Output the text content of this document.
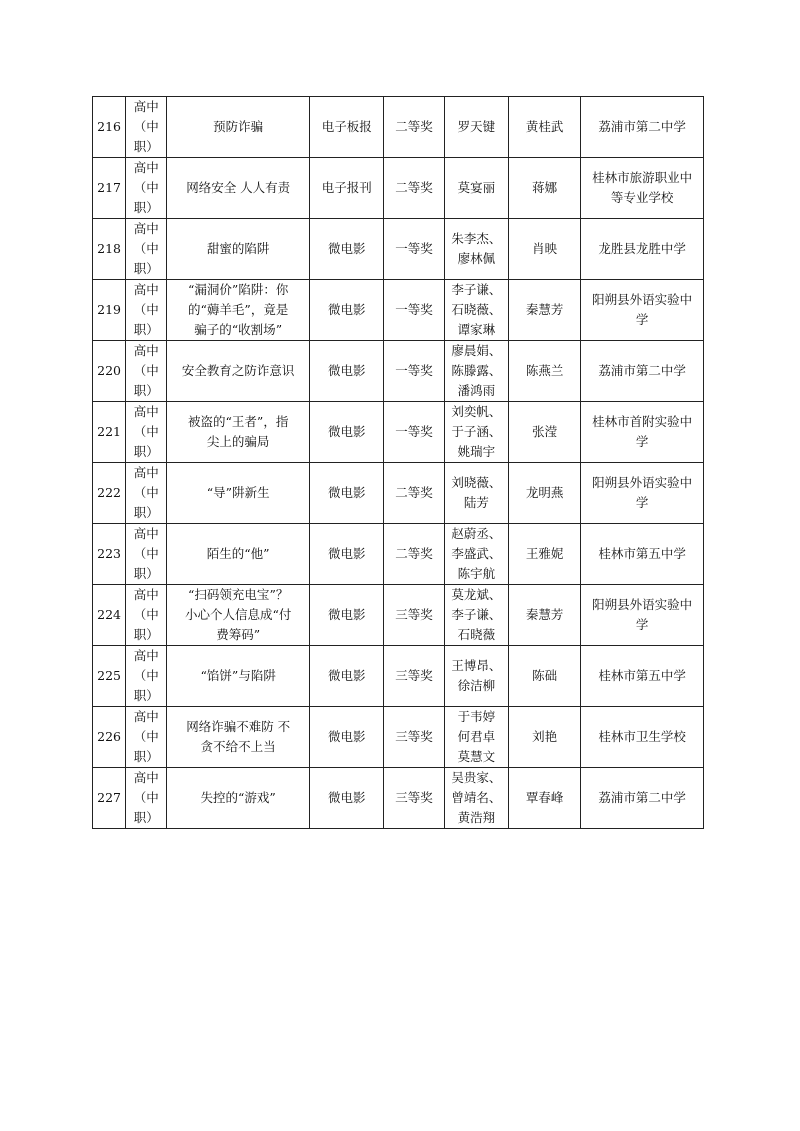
216	高中
（中
职）	预防诈骗	电子板报	二等奖	罗天键	黄桂武	荔浦市第二中学

217	高中
（中
职）	网络安全 人人有责	电子报刊	二等奖	莫宴丽	蒋娜	桂林市旅游职业中
等专业学校

218	高中
（中
职）	甜蜜的陷阱	微电影	一等奖	朱李杰、
廖林佩	肖映	龙胜县龙胜中学

219	高中
（中
职）	“漏洞价”陷阱：你
的“薅羊毛”，竟是
骗子的“收割场”	微电影	一等奖	李子谦、
石晓薇、
谭家琳	秦慧芳	阳朔县外语实验中
学

220	高中
（中
职）	安全教育之防诈意识	微电影	一等奖	廖晨娟、
陈滕露、
潘鸿雨	陈燕兰	荔浦市第二中学

221	高中
（中
职）	被盗的“王者”，指
尖上的骗局	微电影	一等奖	刘奕帆、
于子涵、
姚瑞宇	张滢	桂林市首附实验中
学

222	高中
（中
职）	“导”阱新生	微电影	二等奖	刘晓薇、
陆芳	龙明燕	阳朔县外语实验中
学

223	高中
（中
职）	陌生的“他”	微电影	二等奖	赵蔚丞、
李盛武、
陈宇航	王雅妮	桂林市第五中学

224	高中
（中
职）	“扫码领充电宝”？
小心个人信息成“付
费筹码”	微电影	三等奖	莫龙斌、
李子谦、
石晓薇	秦慧芳	阳朔县外语实验中
学

225	高中
（中
职）	“馅饼”与陷阱	微电影	三等奖	王博昂、
徐洁柳	陈础	桂林市第五中学

226	高中
（中
职）	网络诈骗不难防 不
贪不给不上当	微电影	三等奖	于韦婷
何君卓
莫慧文	刘艳	桂林市卫生学校

227	高中
（中
职）	失控的“游戏”	微电影	三等奖	吴贵家、
曾靖名、
黄浩翔	覃春峰	荔浦市第二中学
